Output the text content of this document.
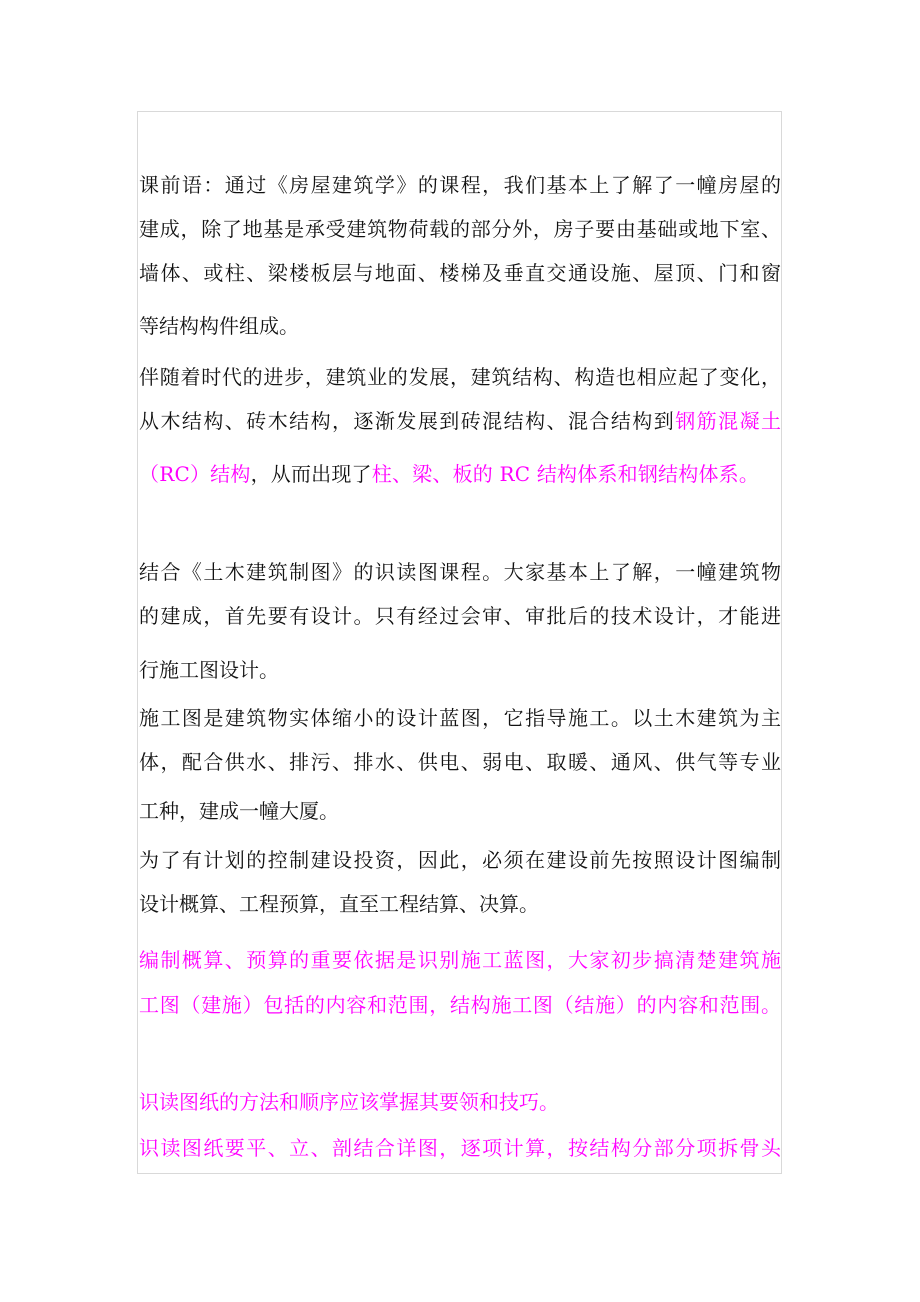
课前语：通过《房屋建筑学》的课程，我们基本上了解了一幢房屋的
建成，除了地基是承受建筑物荷载的部分外，房子要由基础或地下室、
墙体、或柱、梁楼板层与地面、楼梯及垂直交通设施、屋顶、门和窗
等结构构件组成。
伴随着时代的进步，建筑业的发展，建筑结构、构造也相应起了变化，
从木结构、砖木结构，逐渐发展到砖混结构、混合结构到钢筋混凝土
（RC）结构，从而出现了柱、梁、板的 RC 结构体系和钢结构体系。
结合《土木建筑制图》的识读图课程。大家基本上了解，一幢建筑物
的建成，首先要有设计。只有经过会审、审批后的技术设计，才能进
行施工图设计。
施工图是建筑物实体缩小的设计蓝图，它指导施工。以土木建筑为主
体，配合供水、排污、排水、供电、弱电、取暖、通风、供气等专业
工种，建成一幢大厦。
为了有计划的控制建设投资，因此，必须在建设前先按照设计图编制
设计概算、工程预算，直至工程结算、决算。
编制概算、预算的重要依据是识别施工蓝图，大家初步搞清楚建筑施
工图（建施）包括的内容和范围，结构施工图（结施）的内容和范围。
识读图纸的方法和顺序应该掌握其要领和技巧。
识读图纸要平、立、剖结合详图，逐项计算，按结构分部分项拆骨头
